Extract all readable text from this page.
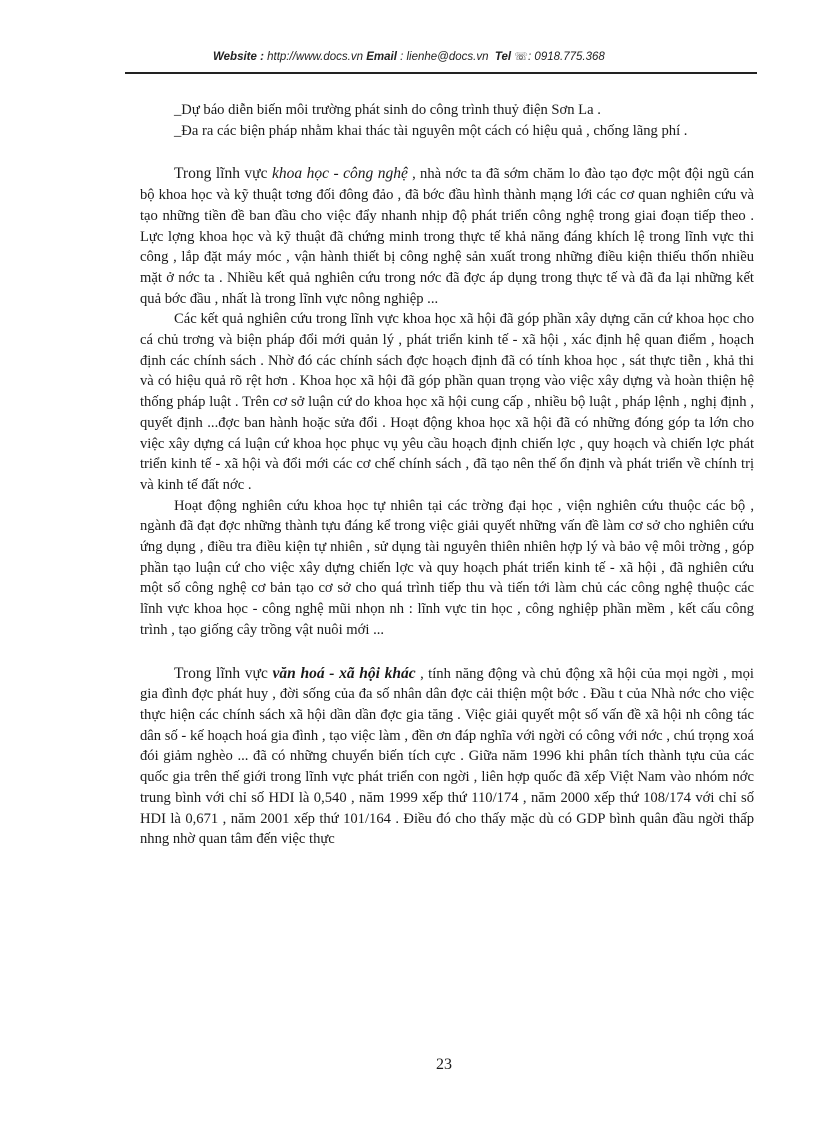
Website : http://www.docs.vn Email : lienhe@docs.vn Tel ☏: 0918.775.368

_Dự báo diễn biến môi trường phát sinh do công trình thuỷ điện Sơn La .

_Đa ra các biện pháp nhằm khai thác tài nguyên một cách có hiệu quả , chống lãng phí .

Trong lĩnh vực khoa học - công nghệ , nhà nớc ta đã sớm chăm lo đào tạo đợc một đội ngũ cán bộ khoa học và kỹ thuật tơng đối đông đảo , đã bớc đầu hình thành mạng lới các cơ quan nghiên cứu và tạo những tiền đề ban đầu cho việc đẩy nhanh nhịp độ phát triển công nghệ trong giai đoạn tiếp theo . Lực lợng khoa học và kỹ thuật đã chứng minh trong thực tế khả năng đáng khích lệ trong lĩnh vực thi công , lắp đặt máy móc , vận hành thiết bị công nghệ sản xuất trong những điều kiện thiếu thốn nhiều mặt ở nớc ta . Nhiều kết quả nghiên cứu trong nớc đã đợc áp dụng trong thực tế và đã đa lại những kết quả bớc đầu , nhất là trong lĩnh vực nông nghiệp ...

Các kết quả nghiên cứu trong lĩnh vực khoa học xã hội đã góp phần xây dựng căn cứ khoa học cho cá chủ trơng và biện pháp đổi mới quản lý , phát triển kinh tế - xã hội , xác định hệ quan điểm , hoạch định các chính sách . Nhờ đó các chính sách đợc hoạch định đã có tính khoa học , sát thực tiễn , khả thi và có hiệu quả rõ rệt hơn . Khoa học xã hội đã góp phần quan trọng vào việc xây dựng và hoàn thiện hệ thống pháp luật . Trên cơ sở luận cứ do khoa học xã hội cung cấp , nhiều bộ luật , pháp lệnh , nghị định , quyết định ...đợc ban hành hoặc sửa đổi . Hoạt động khoa học xã hội đã có những đóng góp ta lớn cho việc xây dựng cá luận cứ khoa học phục vụ yêu cầu hoạch định chiến lợc , quy hoạch và chiến lợc phát triển kinh tế - xã hội và đổi mới các cơ chế chính sách , đã tạo nên thế ổn định và phát triển về chính trị và kinh tế đất nớc .

Hoạt động nghiên cứu khoa học tự nhiên tại các trờng đại học , viện nghiên cứu thuộc các bộ , ngành đã đạt đợc những thành tựu đáng kể trong việc giải quyết những vấn đề làm cơ sở cho nghiên cứu ứng dụng , điều tra điều kiện tự nhiên , sử dụng tài nguyên thiên nhiên hợp lý và bảo vệ môi trờng , góp phần tạo luận cứ cho việc xây dựng chiến lợc và quy hoạch phát triển kinh tế - xã hội , đã nghiên cứu một số công nghệ cơ bản tạo cơ sở cho quá trình tiếp thu và tiến tới làm chủ các công nghệ thuộc các lĩnh vực khoa học - công nghệ mũi nhọn nh : lĩnh vực tin học , công nghiệp phần mềm , kết cấu công trình , tạo giống cây trồng vật nuôi mới ...

Trong lĩnh vực văn hoá - xã hội khác , tính năng động và chủ động xã hội của mọi ngời , mọi gia đình đợc phát huy , đời sống của đa số nhân dân đợc cải thiện một bớc . Đầu t của Nhà nớc cho việc thực hiện các chính sách xã hội dần dần đợc gia tăng . Việc giải quyết một số vấn đề xã hội nh công tác dân số - kế hoạch hoá gia đình , tạo việc làm , đền ơn đáp nghĩa với ngời có công với nớc , chú trọng xoá đói giảm nghèo ... đã có những chuyển biến tích cực . Giữa năm 1996 khi phân tích thành tựu của các quốc gia trên thế giới trong lĩnh vực phát triển con ngời , liên hợp quốc đã xếp Việt Nam vào nhóm nớc trung bình với chỉ số HDI là 0,540 , năm 1999 xếp thứ 110/174 , năm 2000 xếp thứ 108/174 với chỉ số HDI là 0,671 , năm 2001 xếp thứ 101/164 . Điều đó cho thấy mặc dù có GDP bình quân đầu ngời thấp nhng nhờ quan tâm đến việc thực

23
